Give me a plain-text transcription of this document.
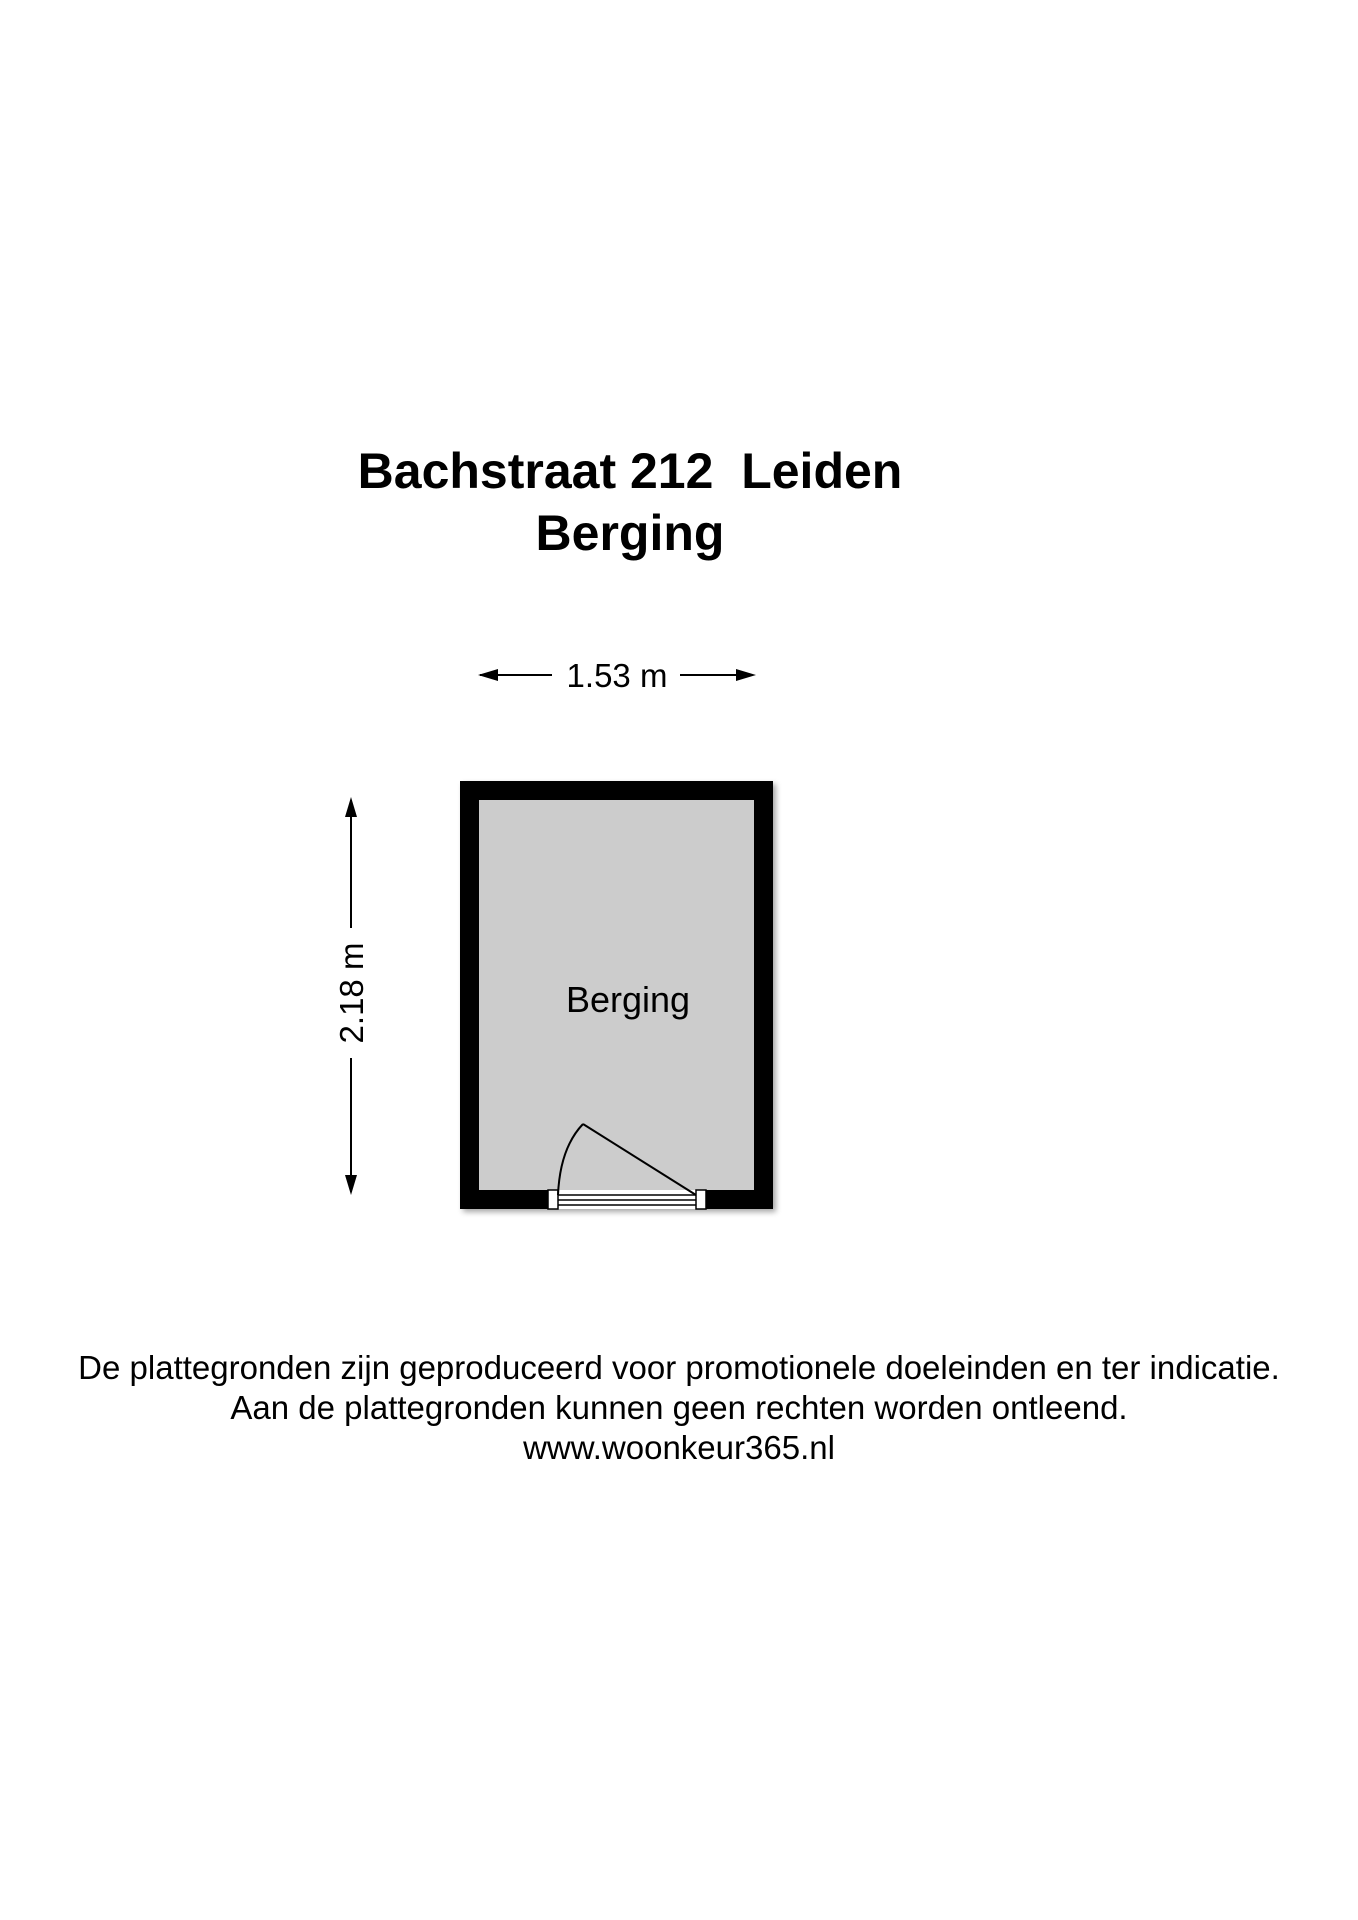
Bachstraat 212  Leiden
Berging
1.53 m
2.18 m	Berging
De plattegronden zijn geproduceerd voor promotionele doeleinden en ter indicatie.
Aan de plattegronden kunnen geen rechten worden ontleend.
www.woonkeur365.nl
